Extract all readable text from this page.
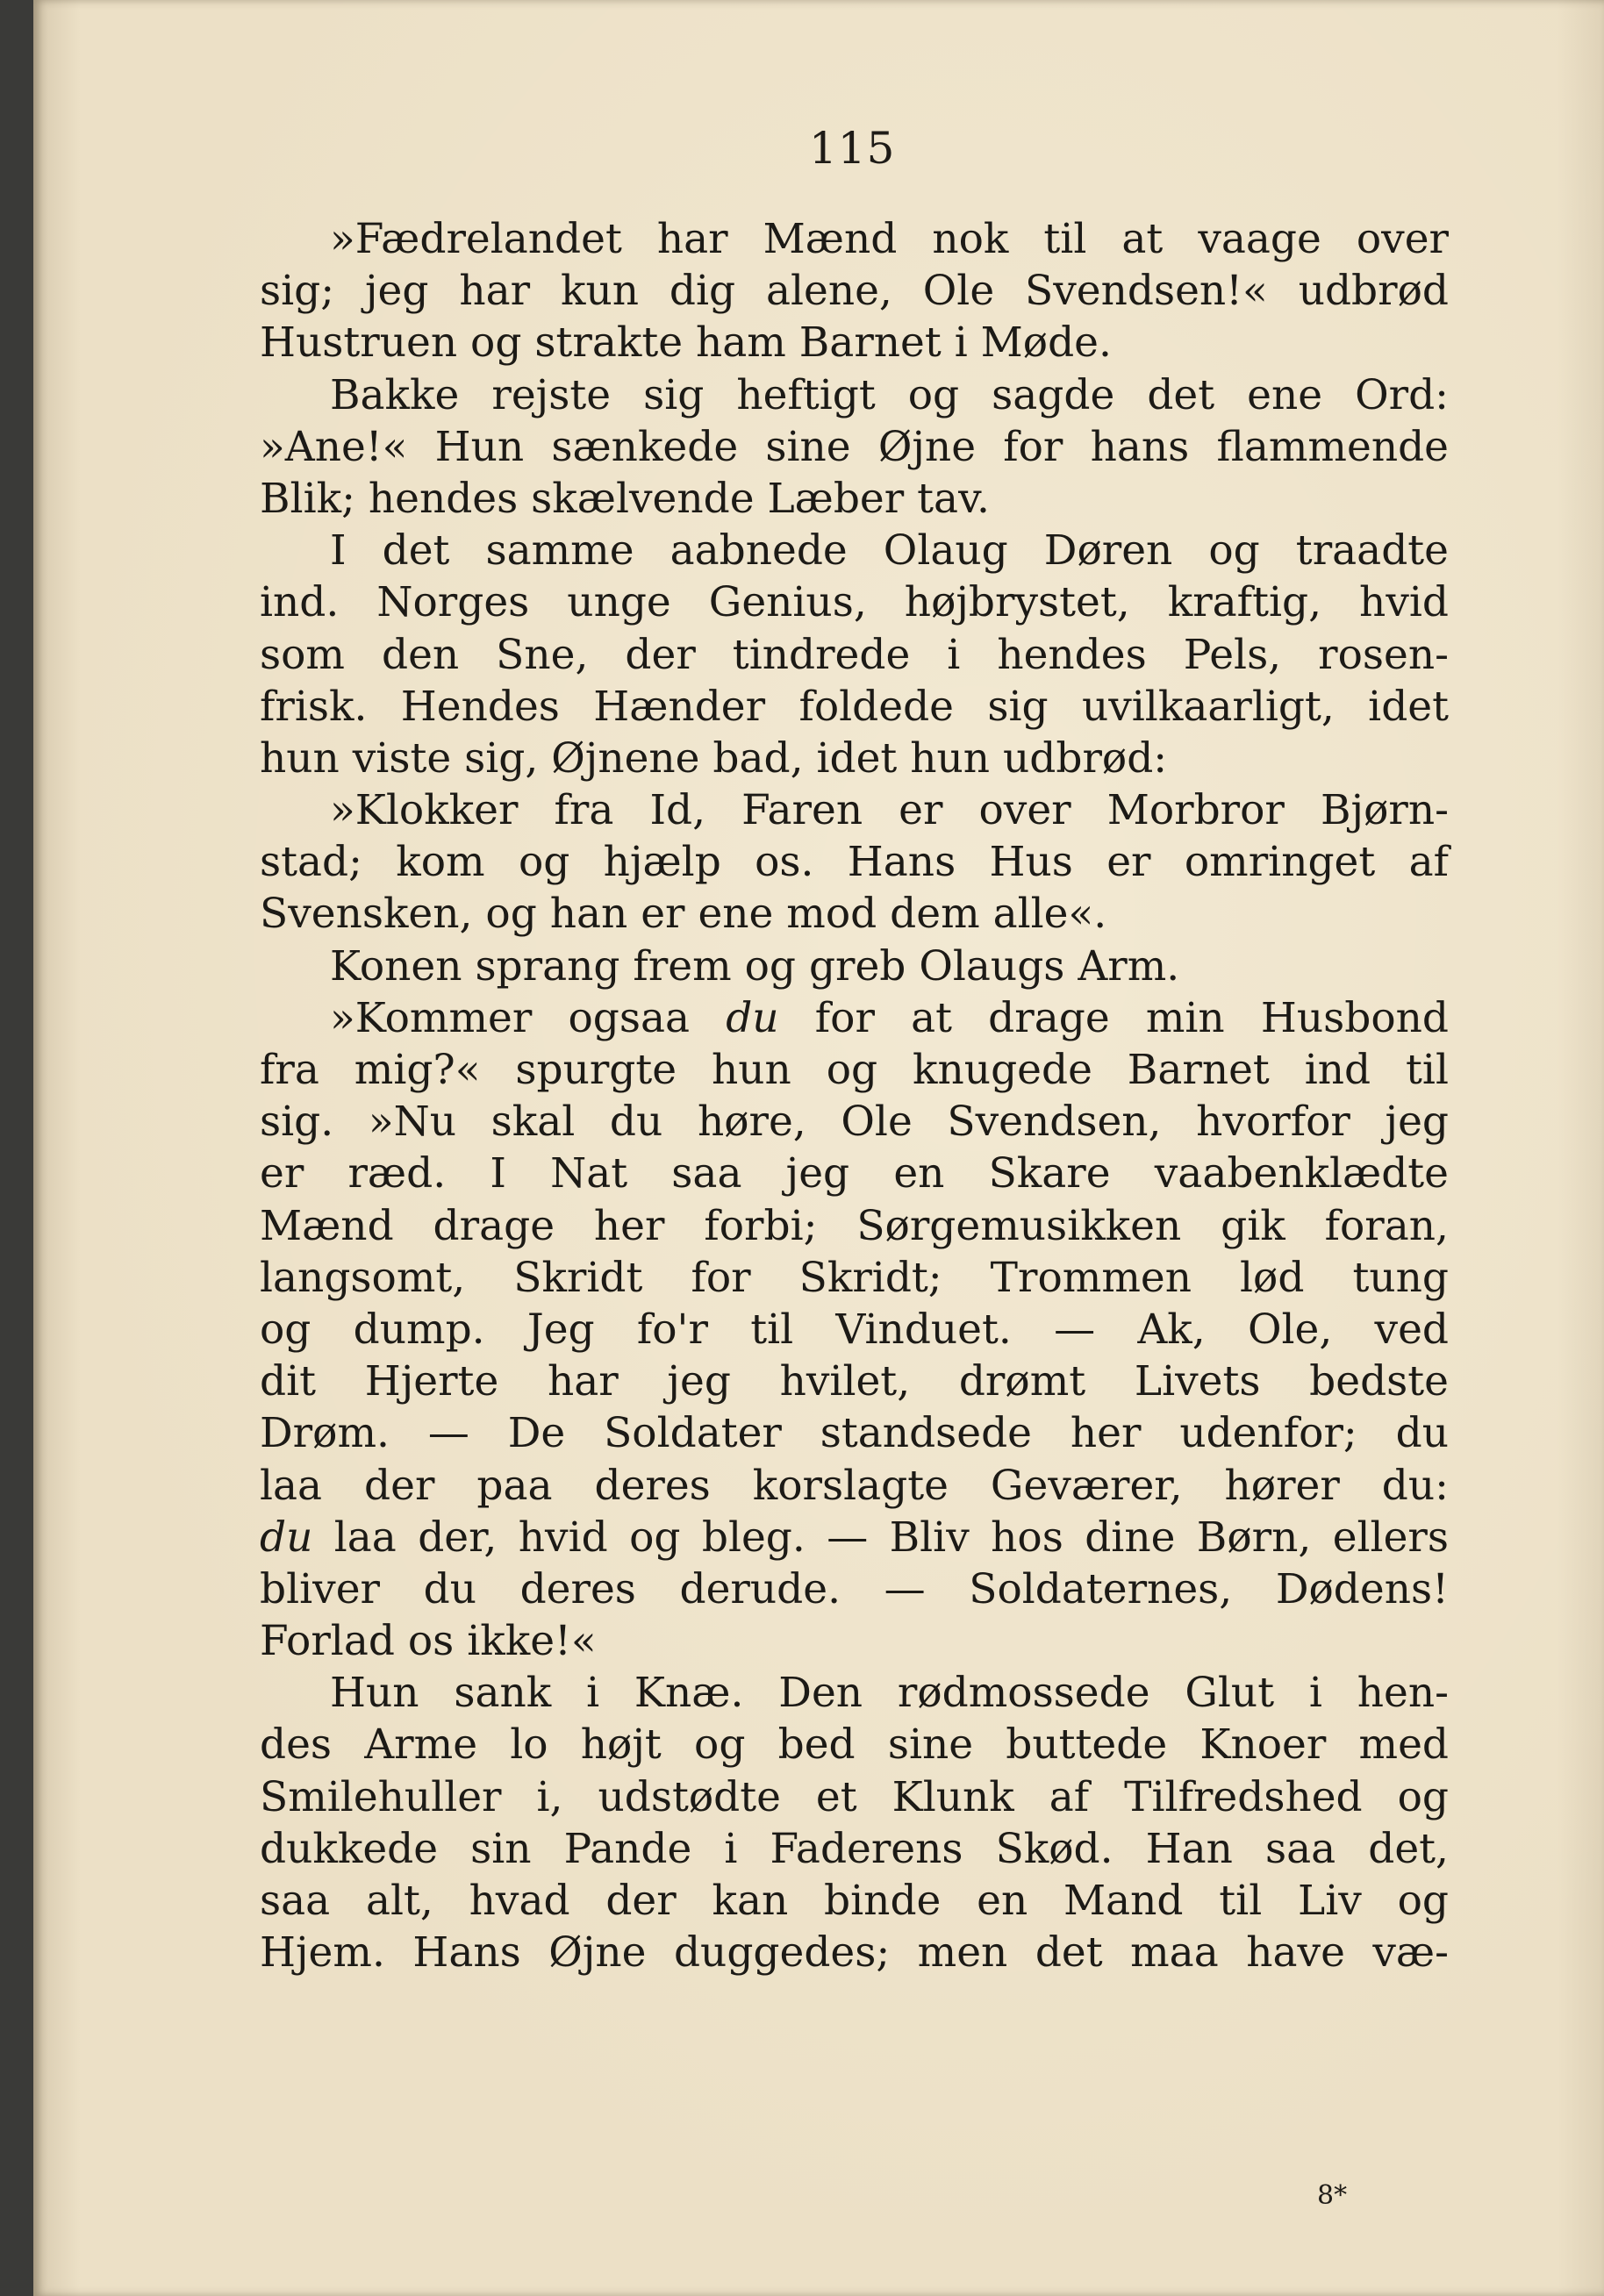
115
»Fædrelandet har Mænd nok til at vaage over
sig; jeg har kun dig alene, Ole Svendsen!« udbrød
Hustruen og strakte ham Barnet i Møde.
Bakke rejste sig heftigt og sagde det ene Ord:
»Ane!« Hun sænkede sine Øjne for hans flammende
Blik; hendes skælvende Læber tav.
I det samme aabnede Olaug Døren og traadte
ind. Norges unge Genius, højbrystet, kraftig, hvid
som den Sne, der tindrede i hendes Pels, rosen-
frisk. Hendes Hænder foldede sig uvilkaarligt, idet
hun viste sig, Øjnene bad, idet hun udbrød:
»Klokker fra Id, Faren er over Morbror Bjørn-
stad; kom og hjælp os. Hans Hus er omringet af
Svensken, og han er ene mod dem alle«.
Konen sprang frem og greb Olaugs Arm.
»Kommer ogsaa du for at drage min Husbond
fra mig?« spurgte hun og knugede Barnet ind til
sig. »Nu skal du høre, Ole Svendsen, hvorfor jeg
er ræd. I Nat saa jeg en Skare vaabenklædte
Mænd drage her forbi; Sørgemusikken gik foran,
langsomt, Skridt for Skridt; Trommen lød tung
og dump. Jeg fo'r til Vinduet. — Ak, Ole, ved
dit Hjerte har jeg hvilet, drømt Livets bedste
Drøm. — De Soldater standsede her udenfor; du
laa der paa deres korslagte Geværer, hører du:
du laa der, hvid og bleg. — Bliv hos dine Børn, ellers
bliver du deres derude. — Soldaternes, Dødens!
Forlad os ikke!«
Hun sank i Knæ. Den rødmossede Glut i hen-
des Arme lo højt og bed sine buttede Knoer med
Smilehuller i, udstødte et Klunk af Tilfredshed og
dukkede sin Pande i Faderens Skød. Han saa det,
saa alt, hvad der kan binde en Mand til Liv og
Hjem. Hans Øjne duggedes; men det maa have væ-
8*
